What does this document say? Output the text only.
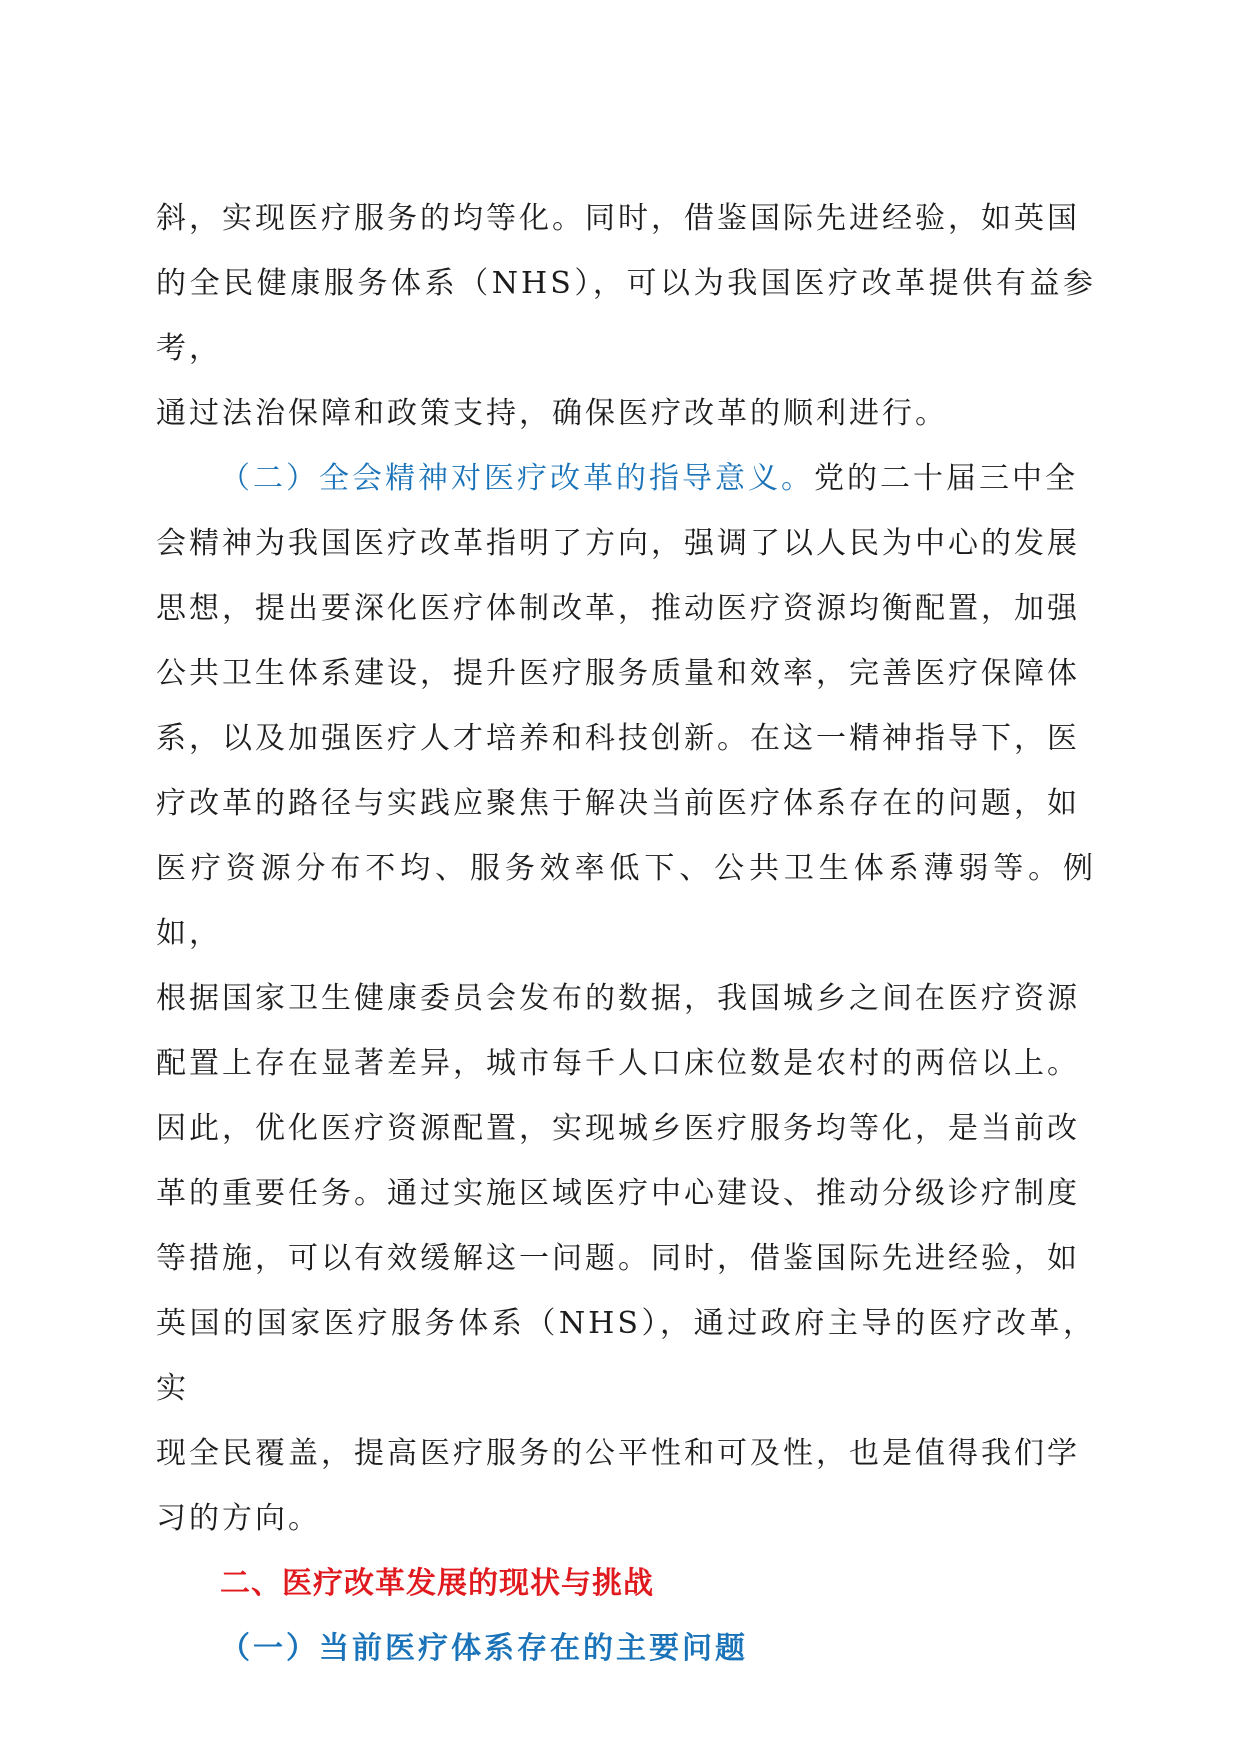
斜，实现医疗服务的均等化。同时，借鉴国际先进经验，如英国
的全民健康服务体系（NHS），可以为我国医疗改革提供有益参考，
通过法治保障和政策支持，确保医疗改革的顺利进行。
（二）全会精神对医疗改革的指导意义。党的二十届三中全
会精神为我国医疗改革指明了方向，强调了以人民为中心的发展
思想，提出要深化医疗体制改革，推动医疗资源均衡配置，加强
公共卫生体系建设，提升医疗服务质量和效率，完善医疗保障体
系，以及加强医疗人才培养和科技创新。在这一精神指导下，医
疗改革的路径与实践应聚焦于解决当前医疗体系存在的问题，如
医疗资源分布不均、服务效率低下、公共卫生体系薄弱等。例如，
根据国家卫生健康委员会发布的数据，我国城乡之间在医疗资源
配置上存在显著差异，城市每千人口床位数是农村的两倍以上。
因此，优化医疗资源配置，实现城乡医疗服务均等化，是当前改
革的重要任务。通过实施区域医疗中心建设、推动分级诊疗制度
等措施，可以有效缓解这一问题。同时，借鉴国际先进经验，如
英国的国家医疗服务体系（NHS），通过政府主导的医疗改革，实
现全民覆盖，提高医疗服务的公平性和可及性，也是值得我们学
习的方向。
二、医疗改革发展的现状与挑战
（一）当前医疗体系存在的主要问题
